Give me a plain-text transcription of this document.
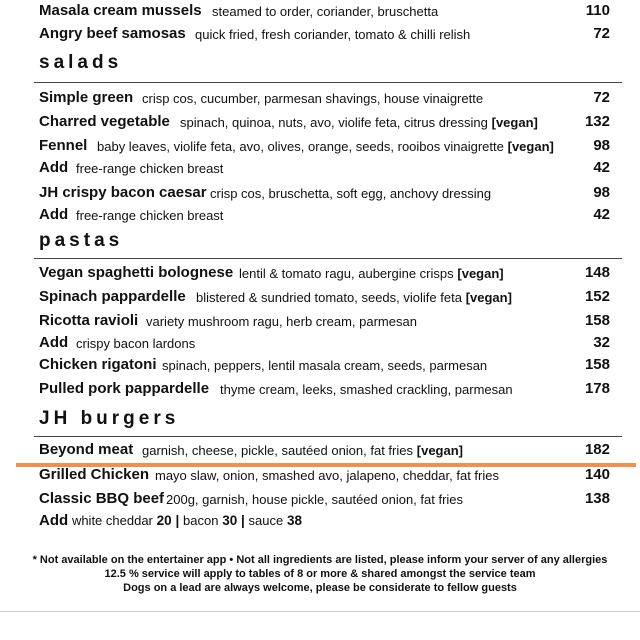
Masala cream mussels steamed to order, coriander, bruschetta	110
Angry beef samosas quick fried, fresh coriander, tomato & chilli relish	72
salads
Simple green crisp cos, cucumber, parmesan shavings, house vinaigrette	72
Charred vegetable spinach, quinoa, nuts, avo, violife feta, citrus dressing [vegan]	132
Fennel baby leaves, violife feta, avo, olives, orange, seeds, rooibos vinaigrette [vegan]	98
Add free-range chicken breast	42
JH crispy bacon caesar crisp cos, bruschetta, soft egg, anchovy dressing	98
Add free-range chicken breast	42
pastas
Vegan spaghetti bolognese lentil & tomato ragu, aubergine crisps [vegan]	148
Spinach pappardelle blistered & sundried tomato, seeds, violife feta [vegan]	152
Ricotta ravioli variety mushroom ragu, herb cream, parmesan	158
Add crispy bacon lardons	32
Chicken rigatoni spinach, peppers, lentil masala cream, seeds, parmesan	158
Pulled pork pappardelle thyme cream, leeks, smashed crackling, parmesan	178
JH burgers
Beyond meat garnish, cheese, pickle, sautéed onion, fat fries [vegan]	182
Grilled Chicken mayo slaw, onion, smashed avo, jalapeno, cheddar, fat fries	140
Classic BBQ beef 200g, garnish, house pickle, sautéed onion, fat fries	138
Add white cheddar 20 | bacon 30 | sauce 38
* Not available on the entertainer app • Not all ingredients are listed, please inform your server of any allergies
12.5 % service will apply to tables of 8 or more & shared amongst the service team
Dogs on a lead are always welcome, please be considerate to fellow guests
